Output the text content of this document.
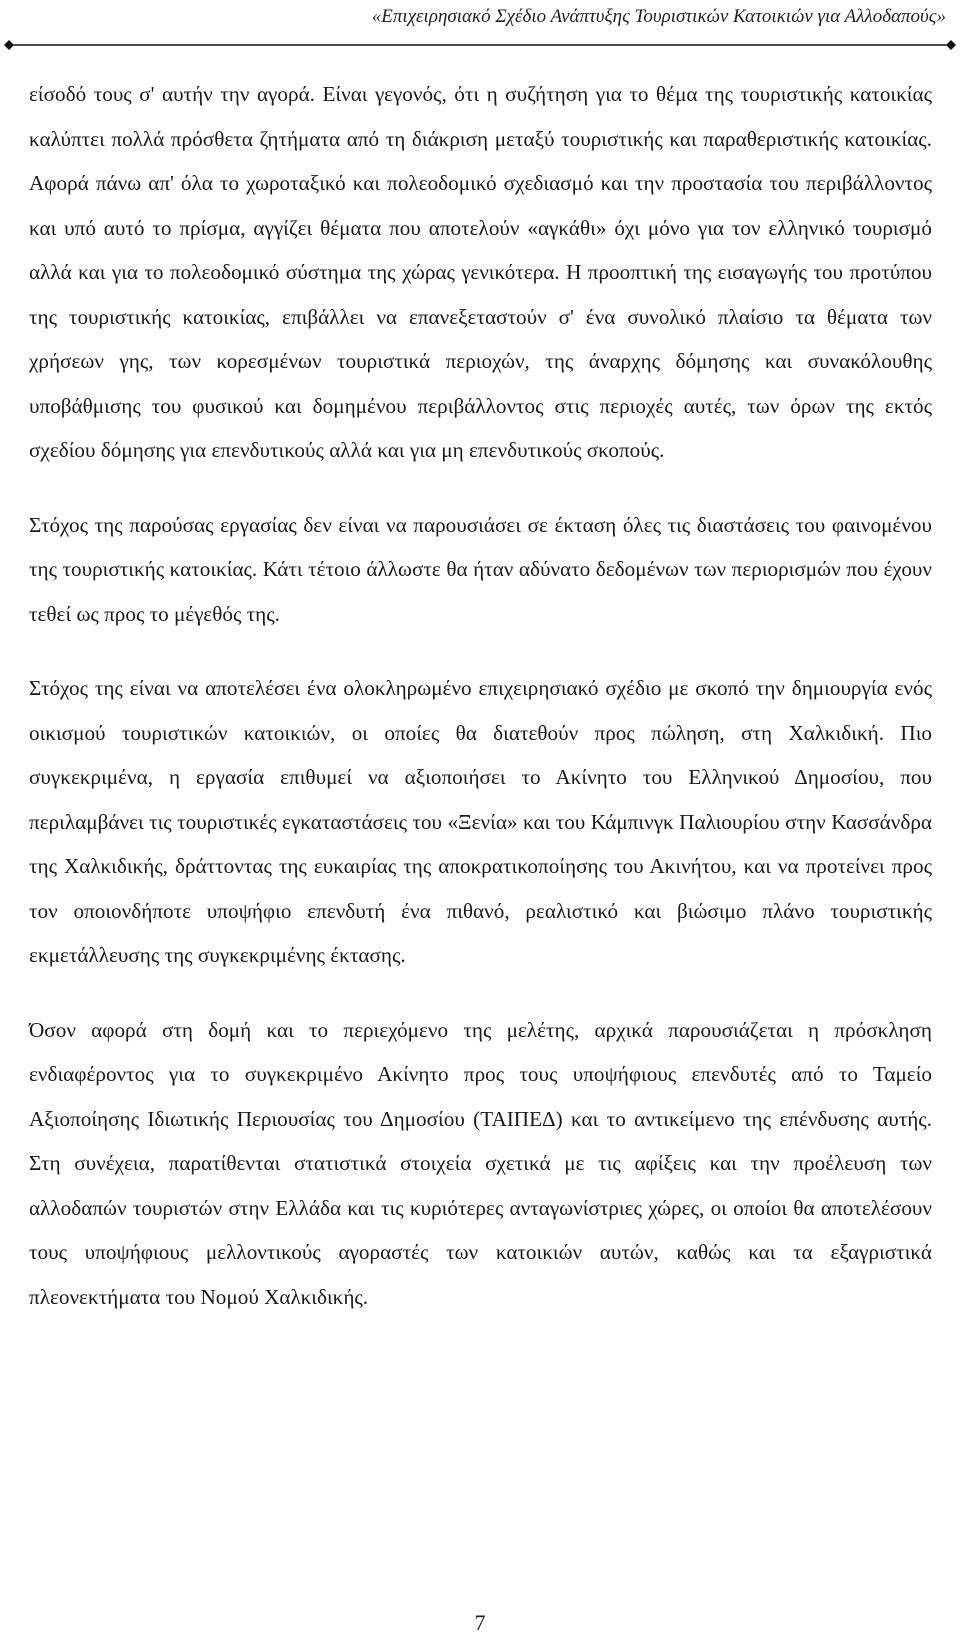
«Επιχειρησιακό Σχέδιο Ανάπτυξης Τουριστικών Κατοικιών για Αλλοδαπούς»

είσοδό τους σ' αυτήν την αγορά. Είναι γεγονός, ότι η συζήτηση για το θέμα της τουριστικής κατοικίας καλύπτει πολλά πρόσθετα ζητήματα από τη διάκριση μεταξύ τουριστικής και παραθεριστικής κατοικίας. Αφορά πάνω απ' όλα το χωροταξικό και πολεοδομικό σχεδιασμό και την προστασία του περιβάλλοντος και υπό αυτό το πρίσμα, αγγίζει θέματα που αποτελούν «αγκάθι» όχι μόνο για τον ελληνικό τουρισμό αλλά και για το πολεοδομικό σύστημα της χώρας γενικότερα. Η προοπτική της εισαγωγής του προτύπου της τουριστικής κατοικίας, επιβάλλει να επανεξεταστούν σ' ένα συνολικό πλαίσιο τα θέματα των χρήσεων γης, των κορεσμένων τουριστικά περιοχών, της άναρχης δόμησης και συνακόλουθης υποβάθμισης του φυσικού και δομημένου περιβάλλοντος στις περιοχές αυτές, των όρων της εκτός σχεδίου δόμησης για επενδυτικούς αλλά και για μη επενδυτικούς σκοπούς.

Στόχος της παρούσας εργασίας δεν είναι να παρουσιάσει σε έκταση όλες τις διαστάσεις του φαινομένου της τουριστικής κατοικίας. Κάτι τέτοιο άλλωστε θα ήταν αδύνατο δεδομένων των περιορισμών που έχουν τεθεί ως προς το μέγεθός της.

Στόχος της είναι να αποτελέσει ένα ολοκληρωμένο επιχειρησιακό σχέδιο με σκοπό την δημιουργία ενός οικισμού τουριστικών κατοικιών, οι οποίες θα διατεθούν προς πώληση, στη Χαλκιδική. Πιο συγκεκριμένα, η εργασία επιθυμεί να αξιοποιήσει το Ακίνητο του Ελληνικού Δημοσίου, που περιλαμβάνει τις τουριστικές εγκαταστάσεις του «Ξενία» και του Κάμπινγκ Παλιουρίου στην Κασσάνδρα της Χαλκιδικής, δράττοντας της ευκαιρίας της αποκρατικοποίησης του Ακινήτου, και να προτείνει προς τον οποιονδήποτε υποψήφιο επενδυτή ένα πιθανό, ρεαλιστικό και βιώσιμο πλάνο τουριστικής εκμετάλλευσης της συγκεκριμένης έκτασης.

Όσον αφορά στη δομή και το περιεχόμενο της μελέτης, αρχικά παρουσιάζεται η πρόσκληση ενδιαφέροντος για το συγκεκριμένο Ακίνητο προς τους υποψήφιους επενδυτές από το Ταμείο Αξιοποίησης Ιδιωτικής Περιουσίας του Δημοσίου (ΤΑΙΠΕΔ) και το αντικείμενο της επένδυσης αυτής. Στη συνέχεια, παρατίθενται στατιστικά στοιχεία σχετικά με τις αφίξεις και την προέλευση των αλλοδαπών τουριστών στην Ελλάδα και τις κυριότερες ανταγωνίστριες χώρες, οι οποίοι θα αποτελέσουν τους υποψήφιους μελλοντικούς αγοραστές των κατοικιών αυτών, καθώς και τα εξαγριστικά πλεονεκτήματα του Νομού Χαλκιδικής.

7
